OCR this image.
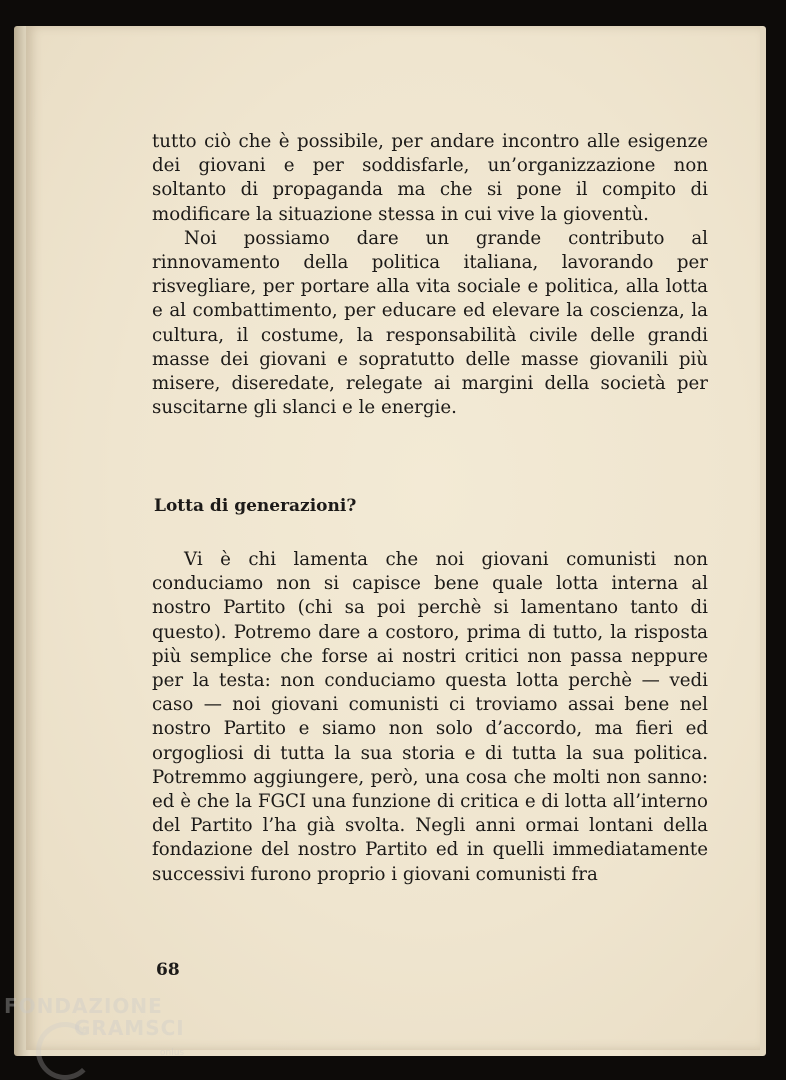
tutto ciò che è possibile, per andare incontro alle esigenze dei giovani e per soddisfarle, un’organizzazione non soltanto di propaganda ma che si pone il compito di modificare la situazione stessa in cui vive la gioventù.

Noi possiamo dare un grande contributo al rinnovamento della politica italiana, lavorando per risvegliare, per portare alla vita sociale e politica, alla lotta e al combattimento, per educare ed elevare la coscienza, la cultura, il costume, la responsabilità civile delle grandi masse dei giovani e sopratutto delle masse giovanili più misere, diseredate, relegate ai margini della società per suscitarne gli slanci e le energie.

Lotta di generazioni?

Vi è chi lamenta che noi giovani comunisti non conduciamo non si capisce bene quale lotta interna al nostro Partito (chi sa poi perchè si lamentano tanto di questo). Potremo dare a costoro, prima di tutto, la risposta più semplice che forse ai nostri critici non passa neppure per la testa: non conduciamo questa lotta perchè — vedi caso — noi giovani comunisti ci troviamo assai bene nel nostro Partito e siamo non solo d’accordo, ma fieri ed orgogliosi di tutta la sua storia e di tutta la sua politica. Potremmo aggiungere, però, una cosa che molti non sanno: ed è che la FGCI una funzione di critica e di lotta all’interno del Partito l’ha già svolta. Negli anni ormai lontani della fondazione del nostro Partito ed in quelli immediatamente successivi furono proprio i giovani comunisti fra

68
FONDAZIONE
GRAMSCI
onlus
